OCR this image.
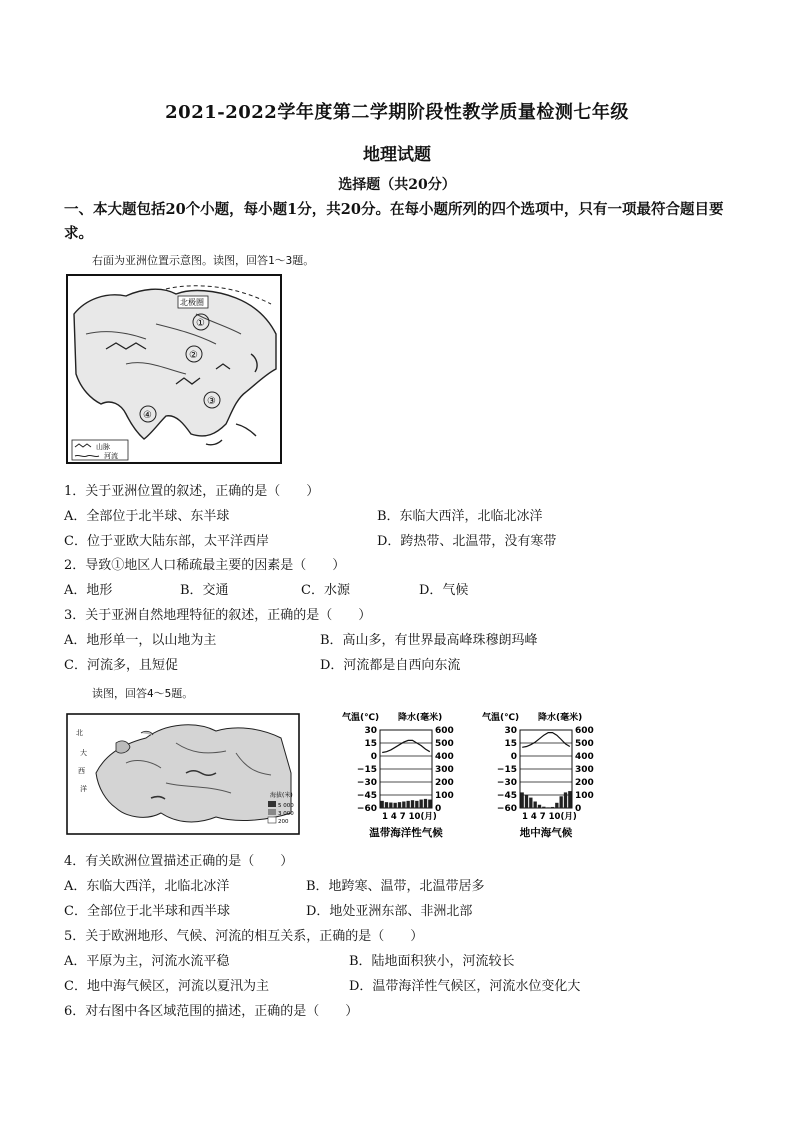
2021-2022学年度第二学期阶段性教学质量检测七年级
地理试题
选择题（共20分）
一、本大题包括20个小题，每小题1分，共20分。在每小题所列的四个选项中，只有一项最符合题目要求。
右面为亚洲位置示意图。读图，回答1～3题。
北极圈
①
②
③
④
山脉
河流
1．关于亚洲位置的叙述，正确的是（　　）
A．全部位于北半球、东半球	B．东临大西洋，北临北冰洋
C．位于亚欧大陆东部，太平洋西岸	D．跨热带、北温带，没有寒带
2．导致①地区人口稀疏最主要的因素是（　　）
A．地形	B．交通	C．水源	D．气候
3．关于亚洲自然地理特征的叙述，正确的是（　　）
A．地形单一，以山地为主	B．高山多，有世界最高峰珠穆朗玛峰
C．河流多，且短促	D．河流都是自西向东流
读图，回答4～5题。
北
大
西
洋
海拔(米)
5 000
3 000
200
气温(℃) 降水(毫米)
30	600
15	500
0	400
−15	300
−30	200
−45	100
−60	0
1 4 7 10(月)
温带海洋性气候
气温(℃) 降水(毫米)
30	600
15	500
0	400
−15	300
−30	200
−45	100
−60	0
1 4 7 10(月)
地中海气候
4．有关欧洲位置描述正确的是（　　）
A．东临大西洋，北临北冰洋	B．地跨寒、温带，北温带居多
C．全部位于北半球和西半球	D．地处亚洲东部、非洲北部
5．关于欧洲地形、气候、河流的相互关系，正确的是（　　）
A．平原为主，河流水流平稳	B．陆地面积狭小，河流较长
C．地中海气候区，河流以夏汛为主	D．温带海洋性气候区，河流水位变化大
6．对右图中各区域范围的描述，正确的是（　　）
